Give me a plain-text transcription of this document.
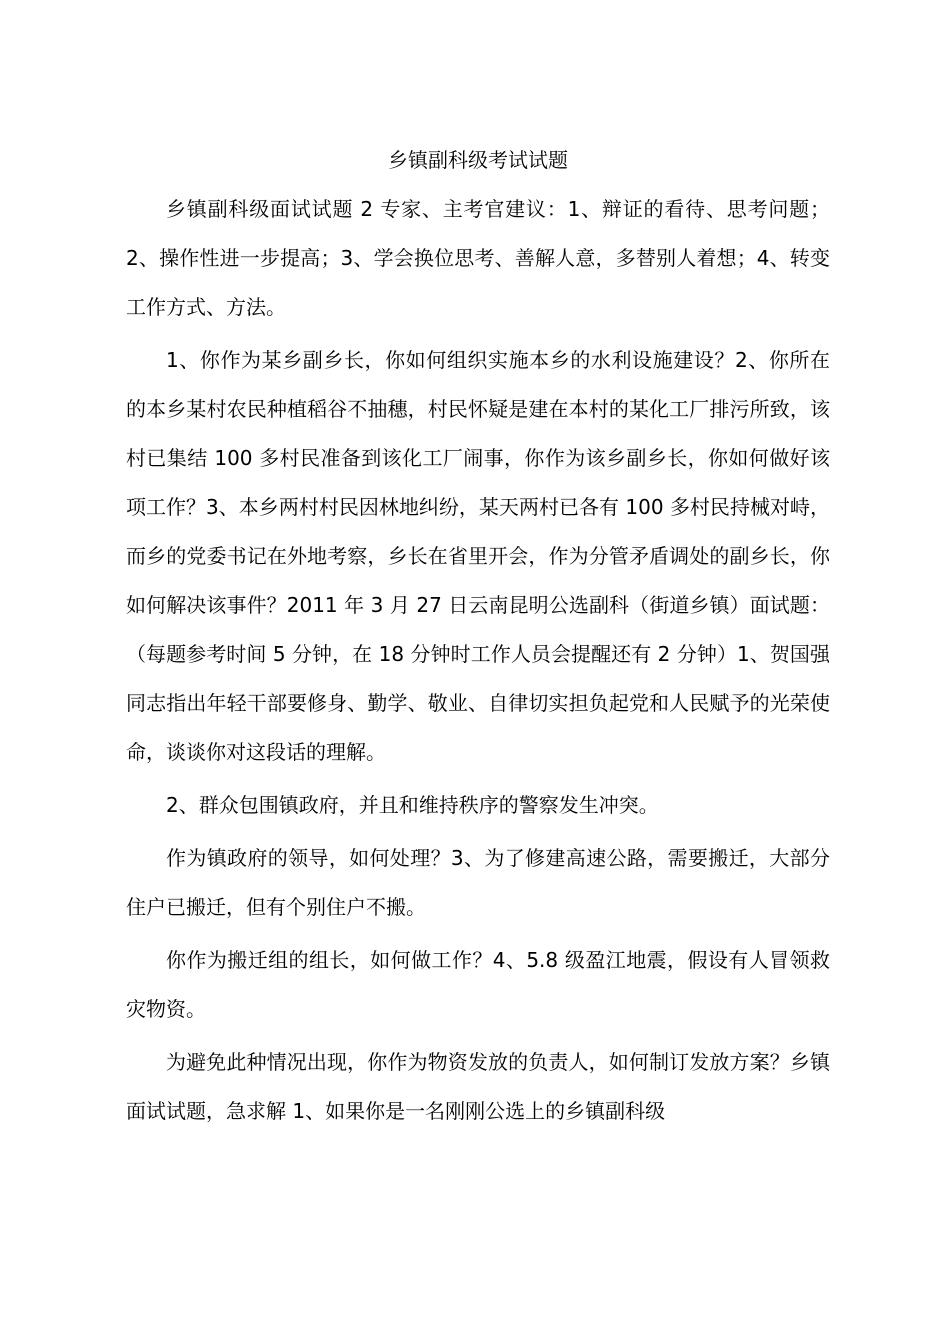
乡镇副科级考试试题

乡镇副科级面试试题 2 专家、主考官建议：1、辩证的看待、思考问题；2、操作性进一步提高；3、学会换位思考、善解人意，多替别人着想；4、转变工作方式、方法。

1、你作为某乡副乡长，你如何组织实施本乡的水利设施建设？2、你所在的本乡某村农民种植稻谷不抽穗，村民怀疑是建在本村的某化工厂排污所致，该村已集结 100 多村民准备到该化工厂闹事，你作为该乡副乡长，你如何做好该项工作？3、本乡两村村民因林地纠纷，某天两村已各有 100 多村民持械对峙，而乡的党委书记在外地考察，乡长在省里开会，作为分管矛盾调处的副乡长，你如何解决该事件？2011 年 3 月 27 日云南昆明公选副科（街道乡镇）面试题：（每题参考时间 5 分钟，在 18 分钟时工作人员会提醒还有 2 分钟）1、贺国强同志指出年轻干部要修身、勤学、敬业、自律切实担负起党和人民赋予的光荣使命，谈谈你对这段话的理解。

2、群众包围镇政府，并且和维持秩序的警察发生冲突。

作为镇政府的领导，如何处理？3、为了修建高速公路，需要搬迁，大部分住户已搬迁，但有个别住户不搬。

你作为搬迁组的组长，如何做工作？4、5.8 级盈江地震，假设有人冒领救灾物资。

为避免此种情况出现，你作为物资发放的负责人，如何制订发放方案？乡镇面试试题，急求解 1、如果你是一名刚刚公选上的乡镇副科级
